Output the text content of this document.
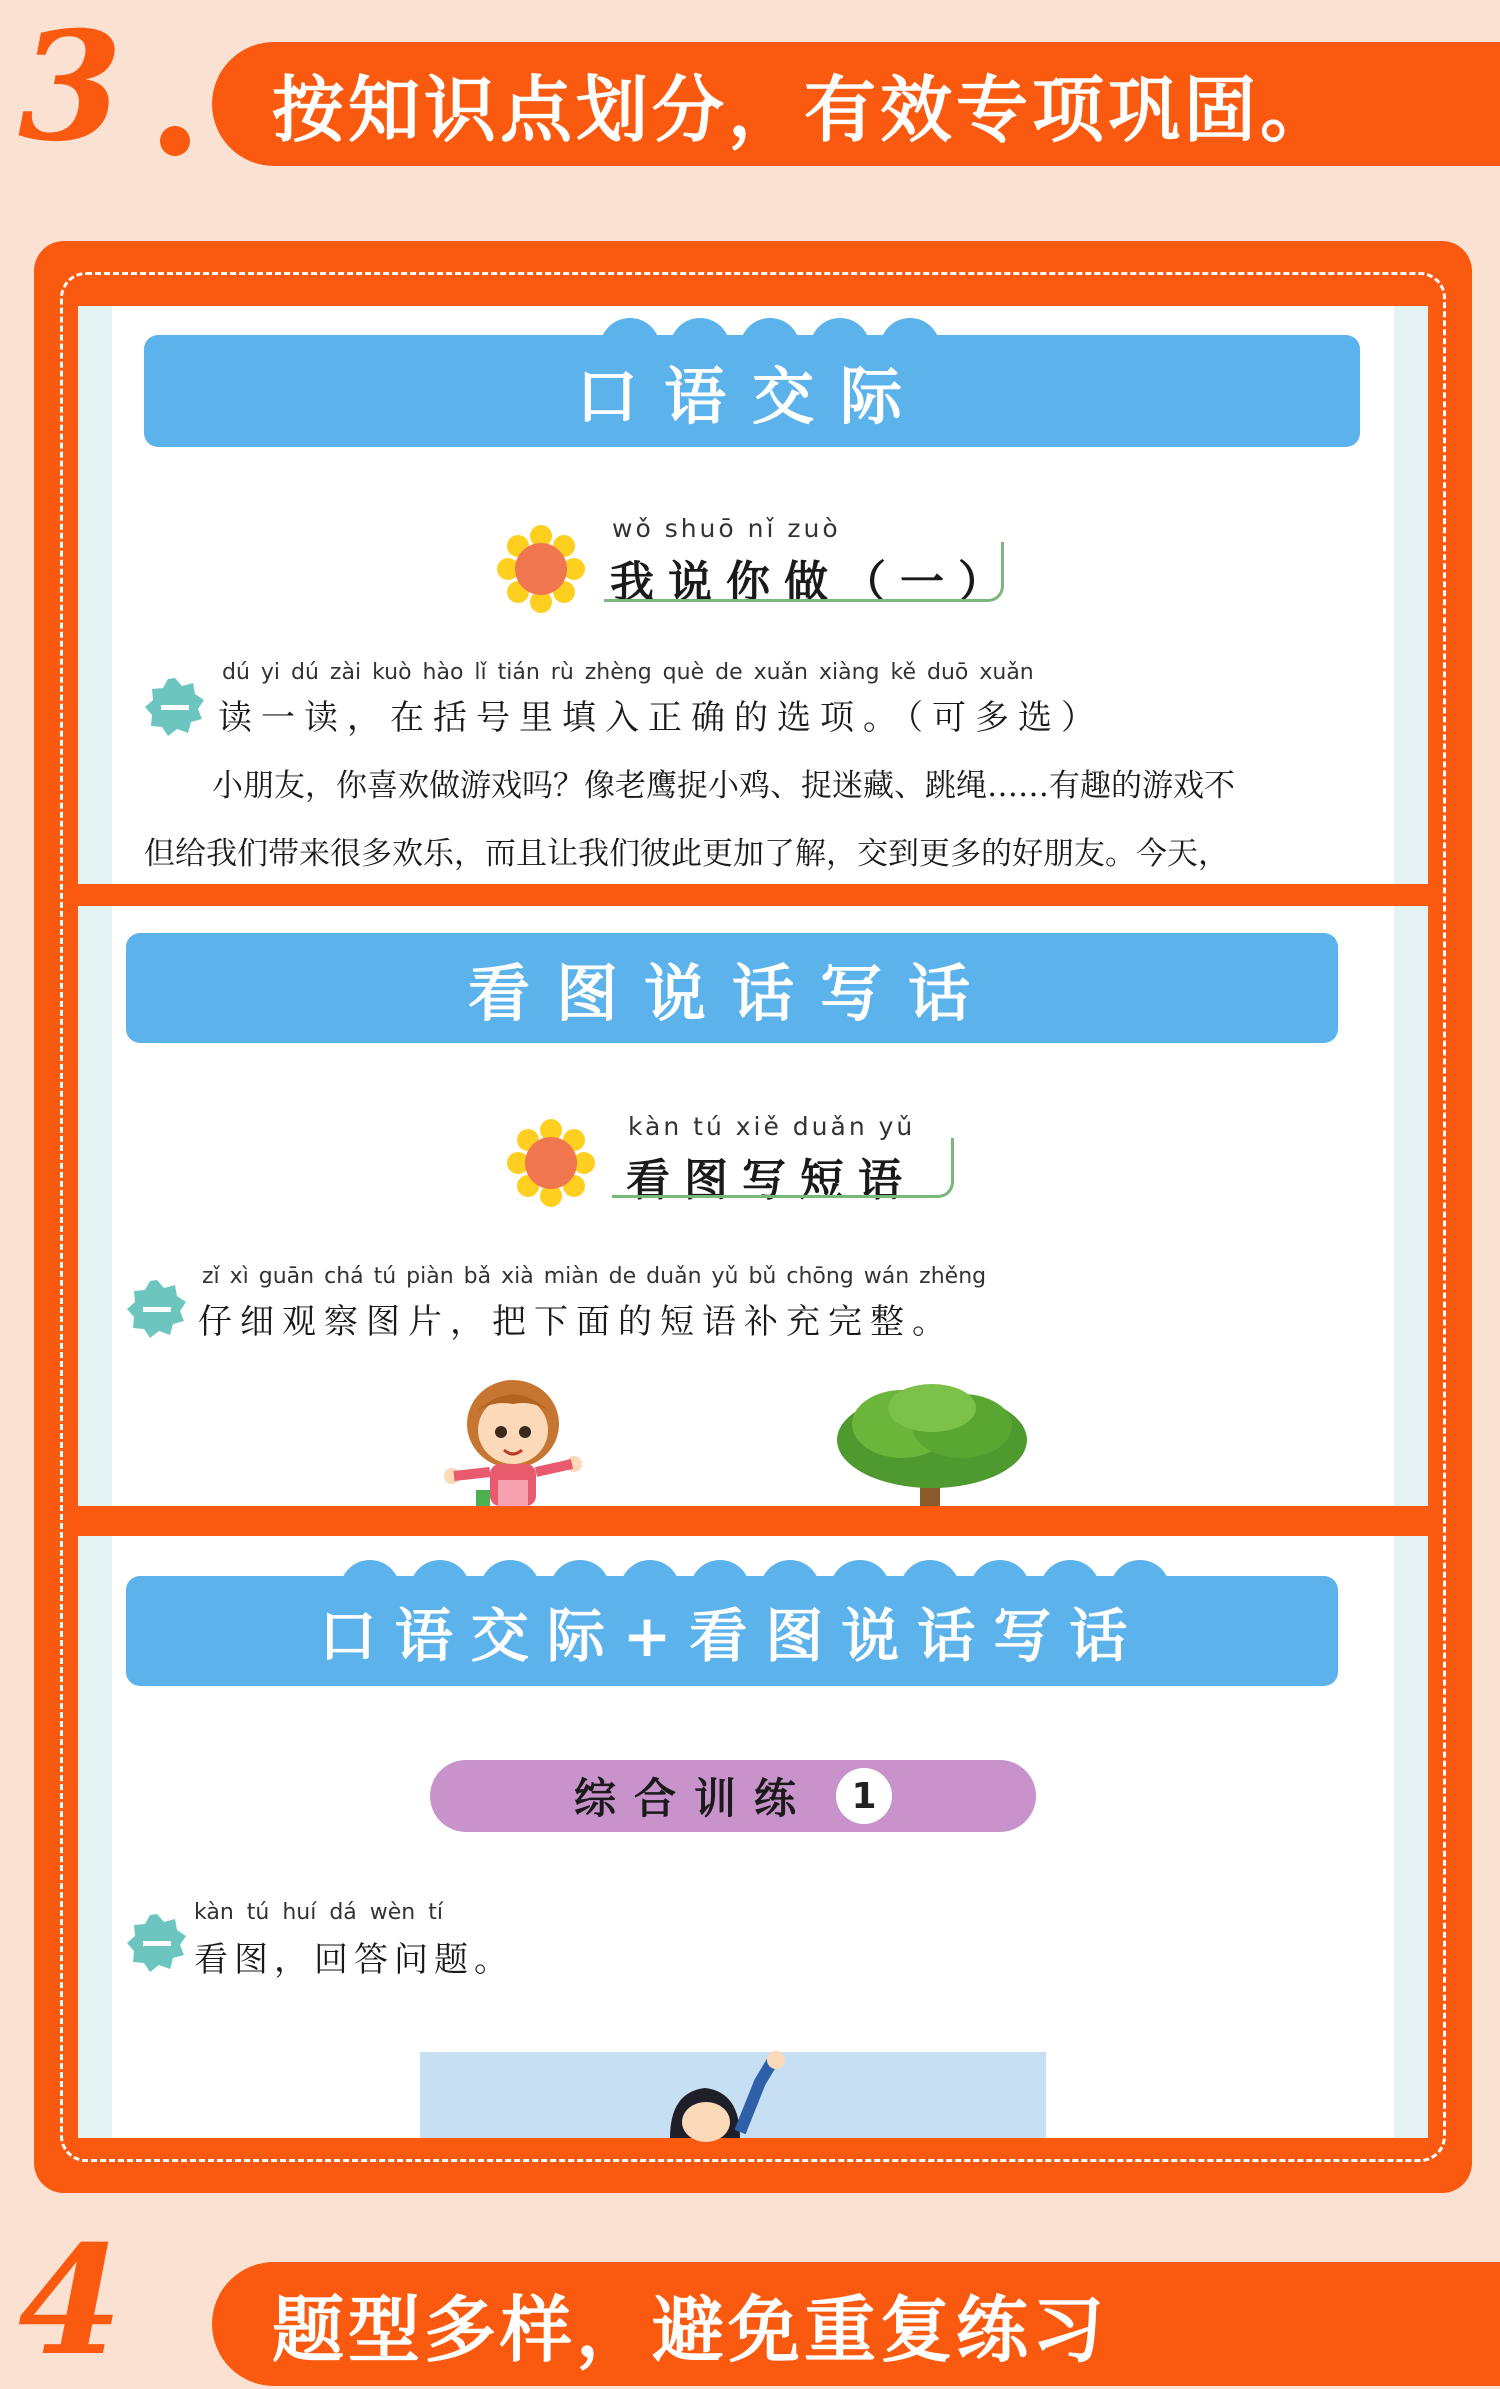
3	按知识点划分，有效专项巩固。
口语交际
wǒ shuō nǐ zuò
我说你做（一）
dú yi dú zài kuò hào lǐ tián rù zhèng què de xuǎn xiàng kě duō xuǎn
读一读，在括号里填入正确的选项。（可多选）
小朋友，你喜欢做游戏吗？像老鹰捉小鸡、捉迷藏、跳绳……有趣的游戏不
但给我们带来很多欢乐，而且让我们彼此更加了解，交到更多的好朋友。今天，
看图说话写话
kàn tú xiě duǎn yǔ
看图写短语
zǐ xì guān chá tú piàn bǎ xià miàn de duǎn yǔ bǔ chōng wán zhěng
仔细观察图片，把下面的短语补充完整。
口语交际+看图说话写话
综合训练	1
kàn tú huí dá wèn tí
看图，回答问题。
4	题型多样，避免重复练习
